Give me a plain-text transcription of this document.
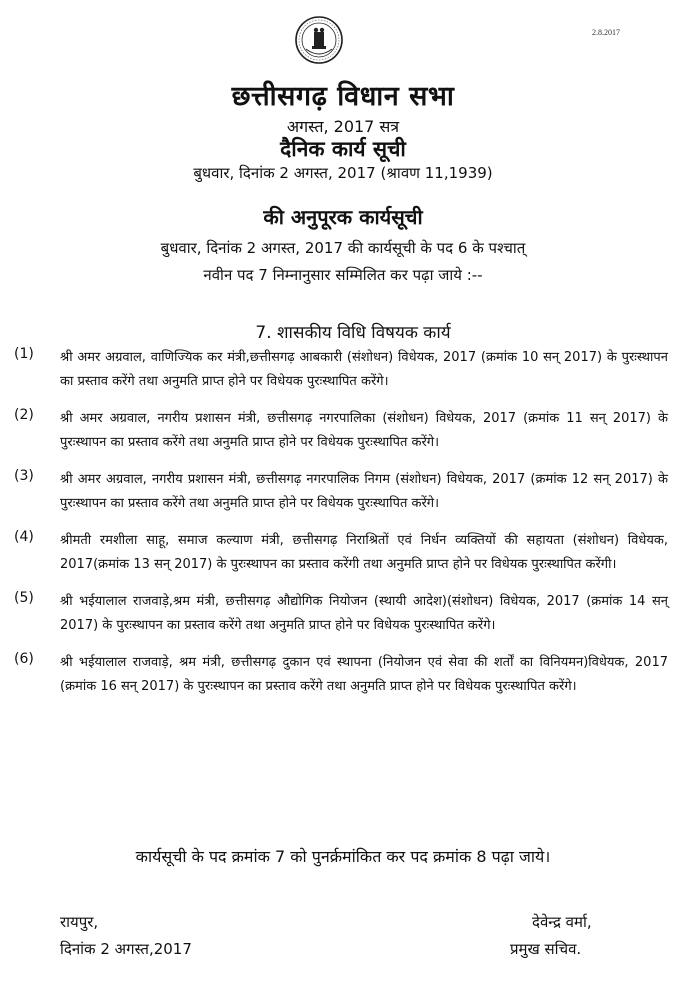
2.8.2017
छत्तीसगढ़ विधान सभा
अगस्त, 2017 सत्र
दैनिक कार्य सूची
बुधवार, दिनांक 2 अगस्त, 2017 (श्रावण 11,1939)
की अनुपूरक कार्यसूची
बुधवार, दिनांक 2 अगस्त, 2017 की कार्यसूची के पद 6 के पश्चात्
नवीन पद 7 निम्नानुसार सम्मिलित कर पढ़ा जाये :--
7. शासकीय विधि विषयक कार्य
(1) श्री अमर अग्रवाल, वाणिज्यिक कर मंत्री,छत्तीसगढ़ आबकारी (संशोधन) विधेयक, 2017 (क्रमांक 10 सन् 2017) के पुरःस्थापन का प्रस्ताव करेंगे तथा अनुमति प्राप्त होने पर विधेयक पुरःस्थापित करेंगे।
(2) श्री अमर अग्रवाल, नगरीय प्रशासन मंत्री, छत्तीसगढ़ नगरपालिका (संशोधन) विधेयक, 2017 (क्रमांक 11 सन् 2017) के पुरःस्थापन का प्रस्ताव करेंगे तथा अनुमति प्राप्त होने पर विधेयक पुरःस्थापित करेंगे।
(3) श्री अमर अग्रवाल, नगरीय प्रशासन मंत्री, छत्तीसगढ़ नगरपालिक निगम (संशोधन) विधेयक, 2017 (क्रमांक 12 सन् 2017) के पुरःस्थापन का प्रस्ताव करेंगे तथा अनुमति प्राप्त होने पर विधेयक पुरःस्थापित करेंगे।
(4) श्रीमती रमशीला साहू, समाज कल्याण मंत्री, छत्तीसगढ़ निराश्रितों एवं निर्धन व्यक्तियों की सहायता (संशोधन) विधेयक, 2017(क्रमांक 13 सन् 2017) के पुरःस्थापन का प्रस्ताव करेंगी तथा अनुमति प्राप्त होने पर विधेयक पुरःस्थापित करेंगी।
(5) श्री भईयालाल राजवाड़े,श्रम मंत्री, छत्तीसगढ़ औद्योगिक नियोजन (स्थायी आदेश)(संशोधन) विधेयक, 2017 (क्रमांक 14 सन् 2017) के पुरःस्थापन का प्रस्ताव करेंगे तथा अनुमति प्राप्त होने पर विधेयक पुरःस्थापित करेंगे।
(6) श्री भईयालाल राजवाड़े, श्रम मंत्री, छत्तीसगढ़ दुकान एवं स्थापना (नियोजन एवं सेवा की शर्तों का विनियमन)विधेयक, 2017 (क्रमांक 16 सन् 2017) के पुरःस्थापन का प्रस्ताव करेंगे तथा अनुमति प्राप्त होने पर विधेयक पुरःस्थापित करेंगे।
कार्यसूची के पद क्रमांक 7 को पुनर्क्रमांकित कर पद क्रमांक 8 पढ़ा जाये।
रायपुर,
दिनांक 2 अगस्त,2017
देवेन्द्र वर्मा,
प्रमुख सचिव.
